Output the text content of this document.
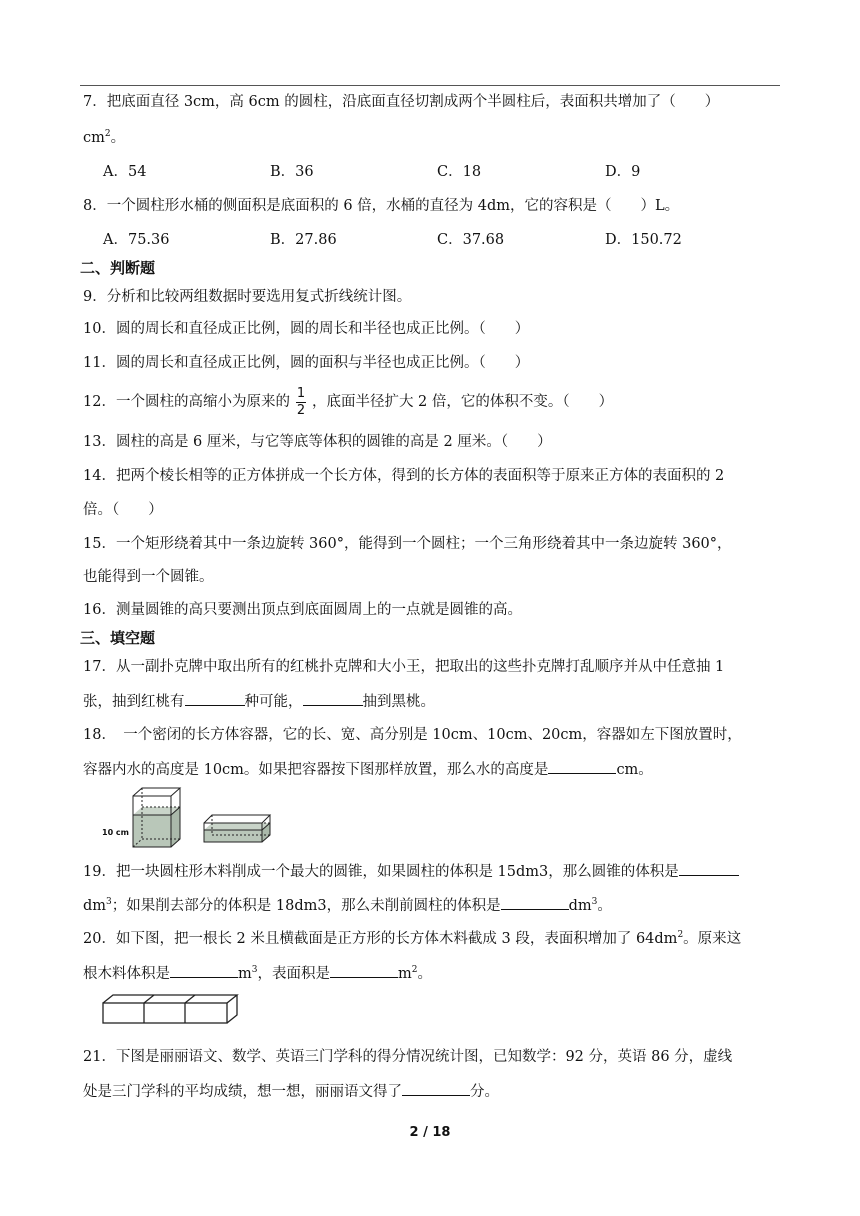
7．把底面直径 3cm，高 6cm 的圆柱，沿底面直径切割成两个半圆柱后，表面积共增加了（　　）
$cm^2$。
A．54	B．36	C．18	D．9
8．一个圆柱形水桶的侧面积是底面积的 6 倍，水桶的直径为 4dm，它的容积是（　　）L。
A．75.36	B．27.86	C．37.68	D．150.72
二、判断题
9．分析和比较两组数据时要选用复式折线统计图。
10．圆的周长和直径成正比例，圆的周长和半径也成正比例。（　　）
11．圆的周长和直径成正比例，圆的面积与半径也成正比例。（　　）
12．一个圆柱的高缩小为原来的 $\frac{1}{2}$ ，底面半径扩大 2 倍，它的体积不变。（　　）
13．圆柱的高是 6 厘米，与它等底等体积的圆锥的高是 2 厘米。（　　）
14．把两个棱长相等的正方体拼成一个长方体，得到的长方体的表面积等于原来正方体的表面积的 2
倍。（　　）
15．一个矩形绕着其中一条边旋转 360°，能得到一个圆柱；一个三角形绕着其中一条边旋转 360°，
也能得到一个圆锥。
16．测量圆锥的高只要测出顶点到底面圆周上的一点就是圆锥的高。
三、填空题
17．从一副扑克牌中取出所有的红桃扑克牌和大小王，把取出的这些扑克牌打乱顺序并从中任意抽 1
张，抽到红桃有	种可能，	抽到黑桃。
18．　一个密闭的长方体容器，它的长、宽、高分别是 10cm、10cm、20cm，容器如左下图放置时，
容器内水的高度是 10cm。如果把容器按下图那样放置，那么水的高度是	cm。
10 cm
19．把一块圆柱形木料削成一个最大的圆锥，如果圆柱的体积是 15dm3，那么圆锥的体积是
$dm^3$；如果削去部分的体积是 18dm3，那么未削前圆柱的体积是	$dm^3$。
20．如下图，把一根长 2 米且横截面是正方形的长方体木料截成 3 段，表面积增加了 $64dm^2$。原来这
根木料体积是	$m^3$，表面积是	$m^2$。
21．下图是丽丽语文、数学、英语三门学科的得分情况统计图，已知数学：92 分，英语 86 分，虚线
处是三门学科的平均成绩，想一想，丽丽语文得了	分。
2 / 18
